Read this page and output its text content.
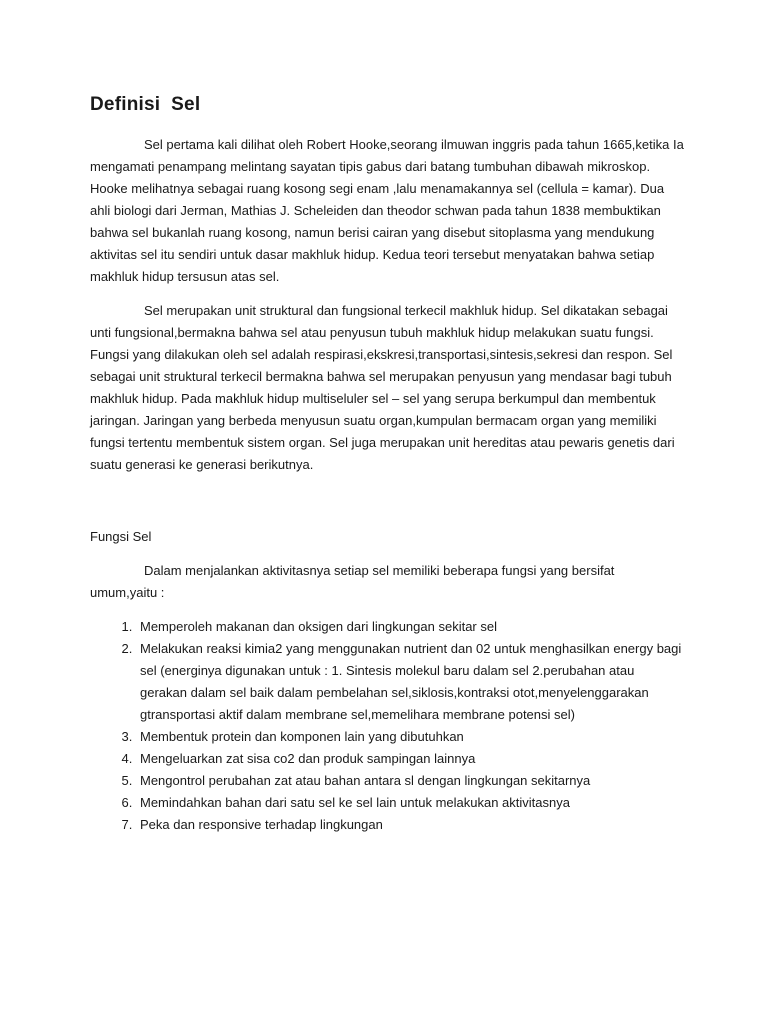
Definisi  Sel

Sel pertama kali dilihat oleh Robert Hooke,seorang ilmuwan inggris pada tahun 1665,ketika Ia mengamati penampang melintang sayatan tipis gabus dari batang tumbuhan dibawah mikroskop. Hooke melihatnya sebagai ruang kosong segi enam ,lalu menamakannya sel (cellula = kamar). Dua ahli biologi dari Jerman, Mathias J. Scheleiden dan theodor schwan pada tahun 1838 membuktikan bahwa sel bukanlah ruang kosong, namun berisi cairan yang disebut sitoplasma yang mendukung aktivitas sel itu sendiri untuk dasar makhluk hidup. Kedua teori tersebut menyatakan bahwa setiap makhluk hidup tersusun atas sel.

Sel merupakan unit struktural dan fungsional terkecil makhluk hidup. Sel dikatakan sebagai unti fungsional,bermakna bahwa sel atau penyusun tubuh makhluk hidup melakukan suatu fungsi. Fungsi yang dilakukan oleh sel adalah respirasi,ekskresi,transportasi,sintesis,sekresi dan respon. Sel sebagai unit struktural terkecil bermakna bahwa sel merupakan penyusun yang mendasar bagi tubuh makhluk hidup. Pada makhluk hidup multiseluler sel – sel yang serupa berkumpul dan membentuk jaringan. Jaringan yang berbeda menyusun suatu organ,kumpulan bermacam organ yang memiliki fungsi tertentu membentuk sistem organ. Sel juga merupakan unit hereditas atau pewaris genetis dari suatu generasi ke generasi berikutnya.

Fungsi Sel

Dalam menjalankan aktivitasnya setiap sel memiliki beberapa fungsi yang bersifat umum,yaitu :

1. Memperoleh makanan dan oksigen dari lingkungan sekitar sel
2. Melakukan reaksi kimia2 yang menggunakan nutrient dan 02 untuk menghasilkan energy bagi sel (energinya digunakan untuk : 1. Sintesis molekul baru dalam sel 2.perubahan atau gerakan dalam sel baik dalam pembelahan sel,siklosis,kontraksi otot,menyelenggarakan gtransportasi aktif dalam membrane sel,memelihara membrane potensi sel)
3. Membentuk protein dan komponen lain yang dibutuhkan
4. Mengeluarkan zat sisa co2 dan produk sampingan lainnya
5. Mengontrol perubahan zat atau bahan antara sl dengan lingkungan sekitarnya
6. Memindahkan bahan dari satu sel ke sel lain untuk melakukan aktivitasnya
7. Peka dan responsive terhadap lingkungan
